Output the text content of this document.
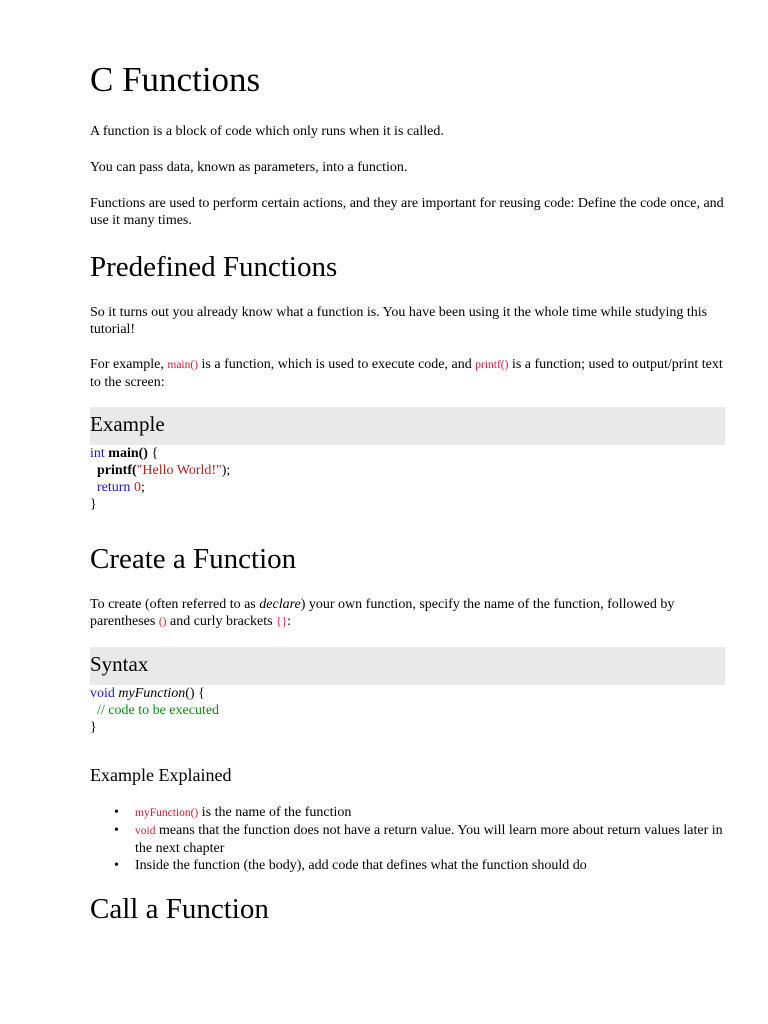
C Functions

A function is a block of code which only runs when it is called.

You can pass data, known as parameters, into a function.

Functions are used to perform certain actions, and they are important for reusing code: Define the code once, and use it many times.

Predefined Functions

So it turns out you already know what a function is. You have been using it the whole time while studying this tutorial!

For example, main() is a function, which is used to execute code, and printf() is a function; used to output/print text to the screen:

Example
int main() {
printf("Hello World!");
return 0;
}
Create a Function

To create (often referred to as declare) your own function, specify the name of the function, followed by parentheses () and curly brackets {}:

Syntax
void myFunction() {
// code to be executed
}
Example Explained
• myFunction() is the name of the function
• void means that the function does not have a return value. You will learn more about return values later in the next chapter
• Inside the function (the body), add code that defines what the function should do
Call a Function
